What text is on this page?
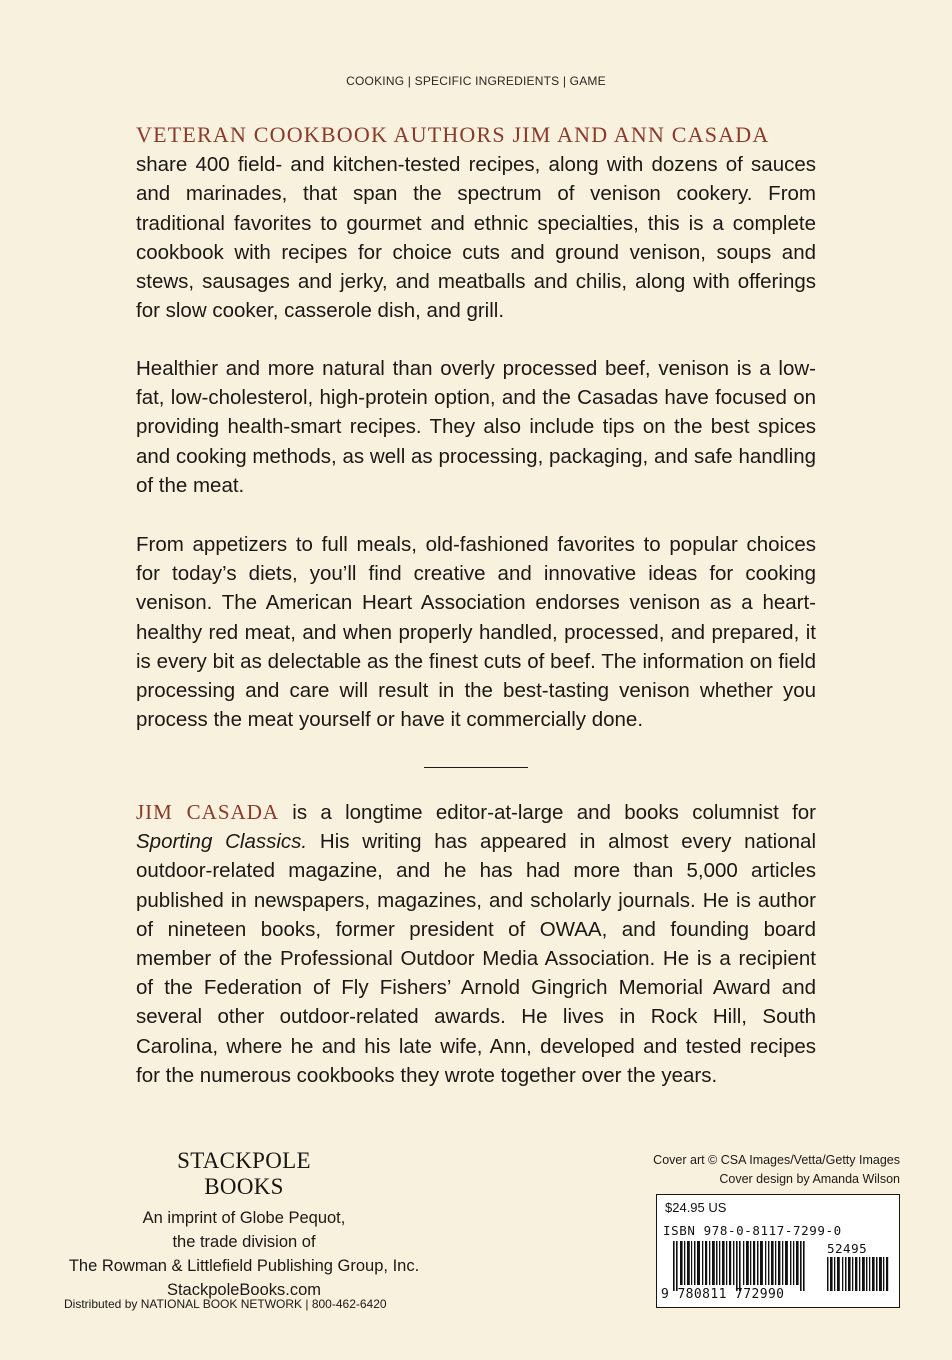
COOKING | SPECIFIC INGREDIENTS | GAME

VETERAN COOKBOOK AUTHORS JIM AND ANN CASADA
share 400 field- and kitchen-tested recipes, along with dozens of sauces and marinades, that span the spectrum of venison cookery. From traditional favorites to gourmet and ethnic specialties, this is a complete cookbook with recipes for choice cuts and ground venison, soups and stews, sausages and jerky, and meatballs and chilis, along with offerings for slow cooker, casserole dish, and grill.

Healthier and more natural than overly processed beef, venison is a low-fat, low-cholesterol, high-protein option, and the Casadas have focused on providing health-smart recipes. They also include tips on the best spices and cooking methods, as well as processing, packaging, and safe handling of the meat.

From appetizers to full meals, old-fashioned favorites to popular choices for today’s diets, you’ll find creative and innovative ideas for cooking venison. The American Heart Association endorses venison as a heart-healthy red meat, and when properly handled, processed, and prepared, it is every bit as delectable as the finest cuts of beef. The information on field processing and care will result in the best-tasting venison whether you process the meat yourself or have it commercially done.

JIM CASADA is a longtime editor-at-large and books columnist for Sporting Classics. His writing has appeared in almost every national outdoor-related magazine, and he has had more than 5,000 articles published in newspapers, magazines, and scholarly journals. He is author of nineteen books, former president of OWAA, and founding board member of the Professional Outdoor Media Association. He is a recipient of the Federation of Fly Fishers’ Arnold Gingrich Memorial Award and several other outdoor-related awards. He lives in Rock Hill, South Carolina, where he and his late wife, Ann, developed and tested recipes for the numerous cookbooks they wrote together over the years.

STACKPOLE
BOOKS
An imprint of Globe Pequot,
the trade division of
The Rowman & Littlefield Publishing Group, Inc.
StackpoleBooks.com
Distributed by NATIONAL BOOK NETWORK | 800-462-6420
Cover art © CSA Images/Vetta/Getty Images
Cover design by Amanda Wilson
$24.95 US
ISBN 978-0-8117-7299-0
52495
9 780811 772990
